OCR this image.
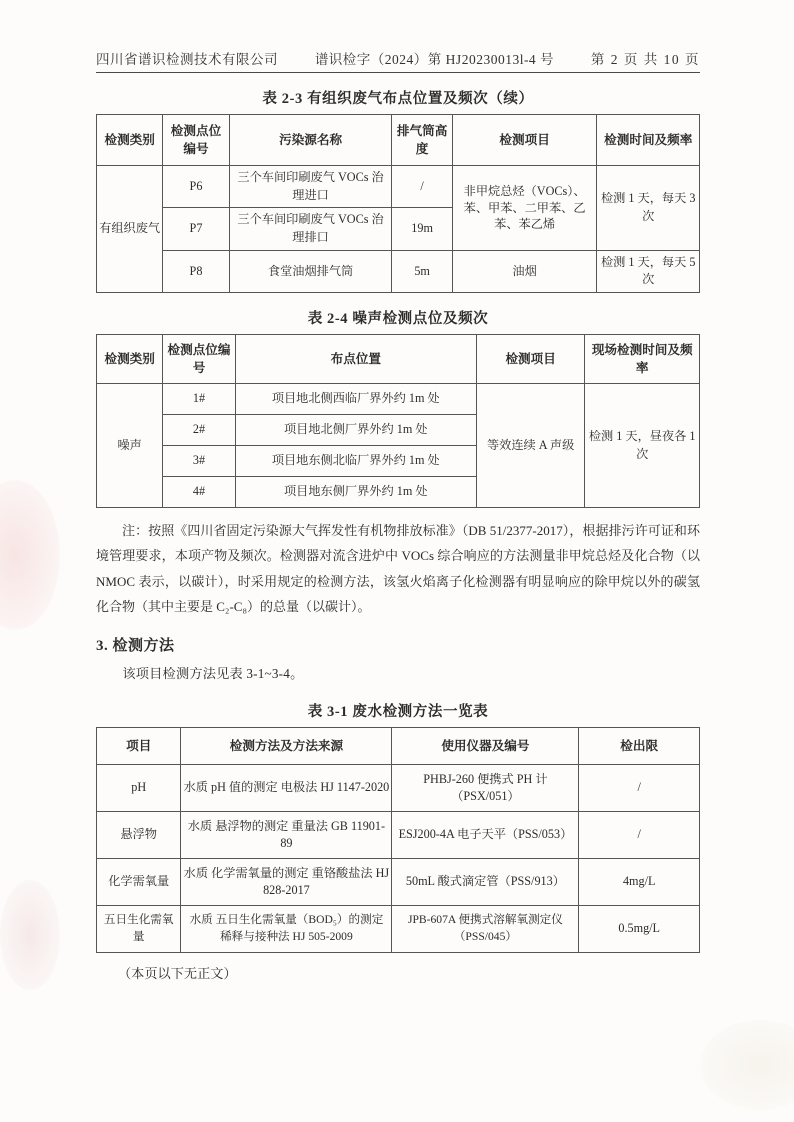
四川省谱识检测技术有限公司	谱识检字（2024）第 HJ20230013l-4 号	第 2 页 共 10 页
表 2-3 有组织废气布点位置及频次（续）
检测类别	检测点位编号	污染源名称	排气筒高度	检测项目	检测时间及频率
有组织废气	P6	三个车间印刷废气 VOCs 治理进口	/	非甲烷总烃（VOCs）、苯、甲苯、二甲苯、乙苯、苯乙烯	检测 1 天，每天 3 次
	P7	三个车间印刷废气 VOCs 治理排口	19m		
	P8	食堂油烟排气筒	5m	油烟	检测 1 天，每天 5 次
表 2-4 噪声检测点位及频次
检测类别	检测点位编号	布点位置	检测项目	现场检测时间及频率
噪声	1#	项目地北侧西临厂界外约 1m 处	等效连续 A 声级	检测 1 天，昼夜各 1 次
	2#	项目地北侧厂界外约 1m 处		
	3#	项目地东侧北临厂界外约 1m 处		
	4#	项目地东侧厂界外约 1m 处		
注：按照《四川省固定污染源大气挥发性有机物排放标准》（DB 51/2377-2017），根据排污许可证和环境管理要求，本项产物及频次。检测器对流含进炉中 VOCs 综合响应的方法测量非甲烷总烃及化合物（以 NMOC 表示，以碳计），时采用规定的检测方法，该氢火焰离子化检测器有明显响应的除甲烷以外的碳氢化合物（其中主要是 C₂-C₈）的总量（以碳计）。
3. 检测方法
该项目检测方法见表 3-1~3-4。
表 3-1 废水检测方法一览表
项目	检测方法及方法来源	使用仪器及编号	检出限
pH	水质 pH 值的测定 电极法 HJ 1147-2020	PHBJ-260 便携式 PH 计（PSX/051）	/
悬浮物	水质 悬浮物的测定 重量法 GB 11901-89	ESJ200-4A 电子天平（PSS/053）	/
化学需氧量	水质 化学需氧量的测定 重铬酸盐法 HJ 828-2017	50mL 酸式滴定管（PSS/913）	4mg/L
五日生化需氧量	水质 五日生化需氧量（BOD₅）的测定 稀释与接种法 HJ 505-2009	JPB-607A 便携式溶解氧测定仪（PSS/045）	0.5mg/L
（本页以下无正文）
